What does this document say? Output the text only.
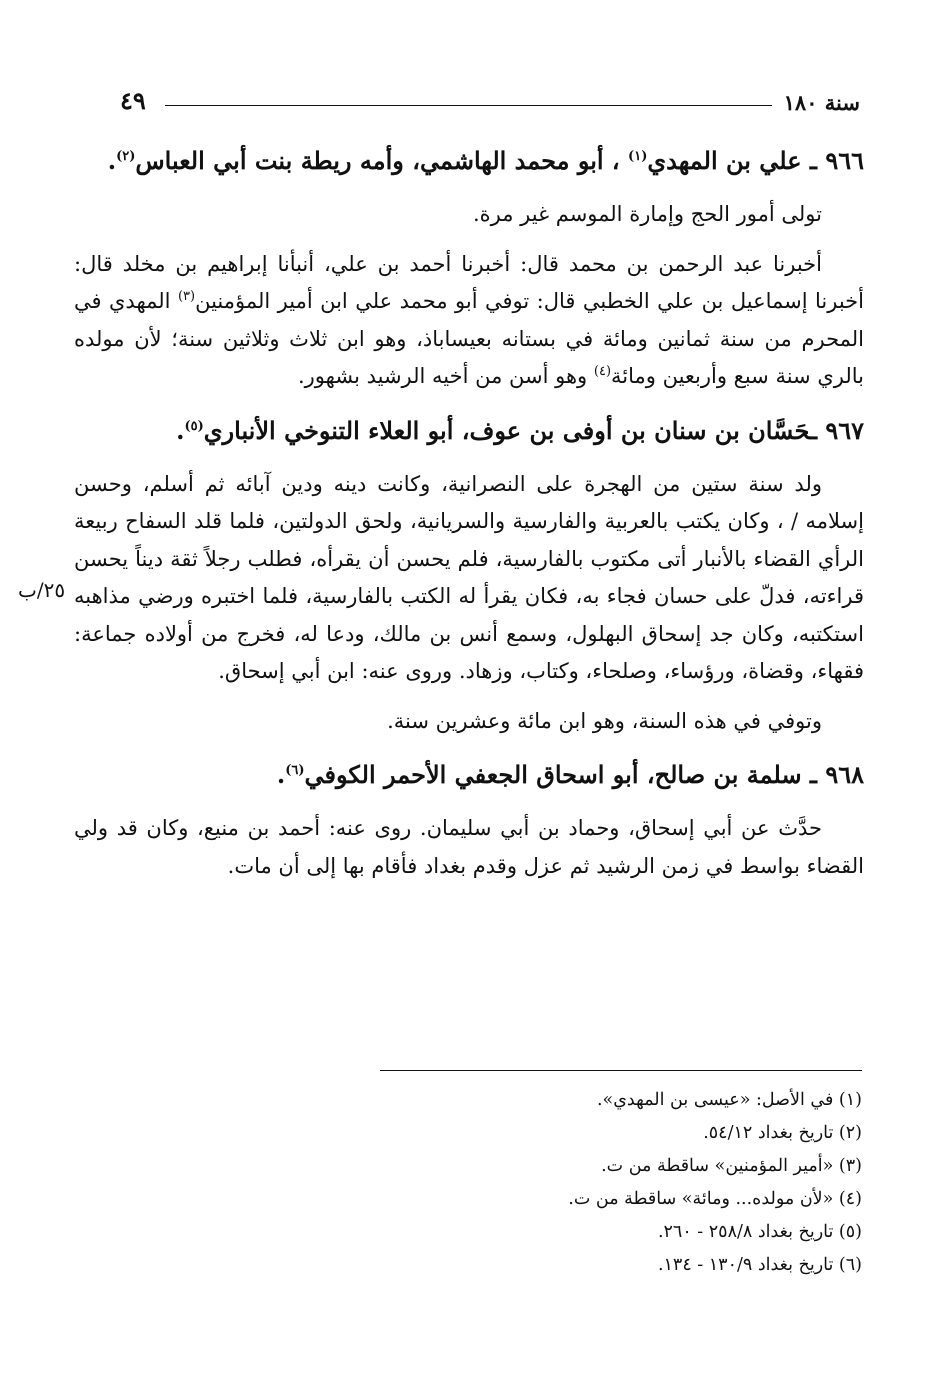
سنة ١٨٠
٤٩
٢٥/ب

٩٦٦ ـ علي بن المهدي$^{(١)}$ ، أبو محمد الهاشمي، وأمه ريطة بنت أبي العباس$^{(٢)}$.

تولى أمور الحج وإمارة الموسم غير مرة.

أخبرنا عبد الرحمن بن محمد قال: أخبرنا أحمد بن علي، أنبأنا إبراهيم بن مخلد قال: أخبرنا إسماعيل بن علي الخطبي قال: توفي أبو محمد علي ابن أمير المؤمنين$^{(٣)}$ المهدي في المحرم من سنة ثمانين ومائة في بستانه بعيساباذ، وهو ابن ثلاث وثلاثين سنة؛ لأن مولده بالري سنة سبع وأربعين ومائة$^{(٤)}$ وهو أسن من أخيه الرشيد بشهور.

٩٦٧ ـحَسَّان بن سنان بن أوفى بن عوف، أبو العلاء التنوخي الأنباري$^{(٥)}$.

ولد سنة ستين من الهجرة على النصرانية، وكانت دينه ودين آبائه ثم أسلم، وحسن إسلامه / ، وكان يكتب بالعربية والفارسية والسريانية، ولحق الدولتين، فلما قلد السفاح ربيعة الرأي القضاء بالأنبار أتى مكتوب بالفارسية، فلم يحسن أن يقرأه، فطلب رجلاً ثقة ديناً يحسن قراءته، فدلّ على حسان فجاء به، فكان يقرأ له الكتب بالفارسية، فلما اختبره ورضي مذاهبه استكتبه، وكان جد إسحاق البهلول، وسمع أنس بن مالك، ودعا له، فخرج من أولاده جماعة: فقهاء، وقضاة، ورؤساء، وصلحاء، وكتاب، وزهاد. وروى عنه: ابن أبي إسحاق.

وتوفي في هذه السنة، وهو ابن مائة وعشرين سنة.

٩٦٨ ـ سلمة بن صالح، أبو اسحاق الجعفي الأحمر الكوفي$^{(٦)}$.

حدَّث عن أبي إسحاق، وحماد بن أبي سليمان. روى عنه: أحمد بن منيع، وكان قد ولي القضاء بواسط في زمن الرشيد ثم عزل وقدم بغداد فأقام بها إلى أن مات.

(١) في الأصل: «عيسى بن المهدي».
(٢) تاريخ بغداد ٥٤/١٢.
(٣) «أمير المؤمنين» ساقطة من ت.
(٤) «لأن مولده... ومائة» ساقطة من ت.
(٥) تاريخ بغداد ٢٥٨/٨ - ٢٦٠.
(٦) تاريخ بغداد ١٣٠/٩ - ١٣٤.
